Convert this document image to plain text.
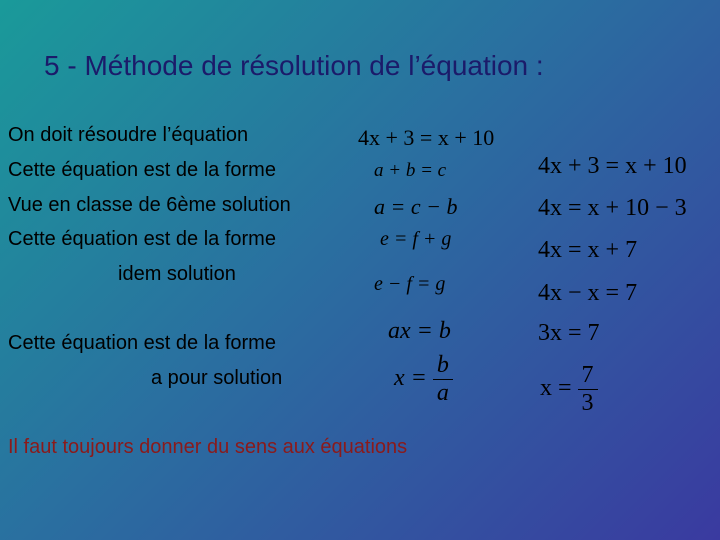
5 - Méthode de résolution de l’équation :
On doit résoudre l’équation
Cette équation est de la forme
Vue en classe de 6ème solution
Cette équation est de la forme
idem solution
Cette équation est de la forme
a pour solution
Il faut toujours donner du sens aux équations
4x + 3 = x + 10
a + b = c
a = c − b
e = f + g
e − f = g
ax = b
$x = \frac{b}{a}$
4x + 3 = x + 10
4x = x + 10 − 3
4x = x + 7
4x − x = 7
3x = 7
$x = \frac{7}{3}$
